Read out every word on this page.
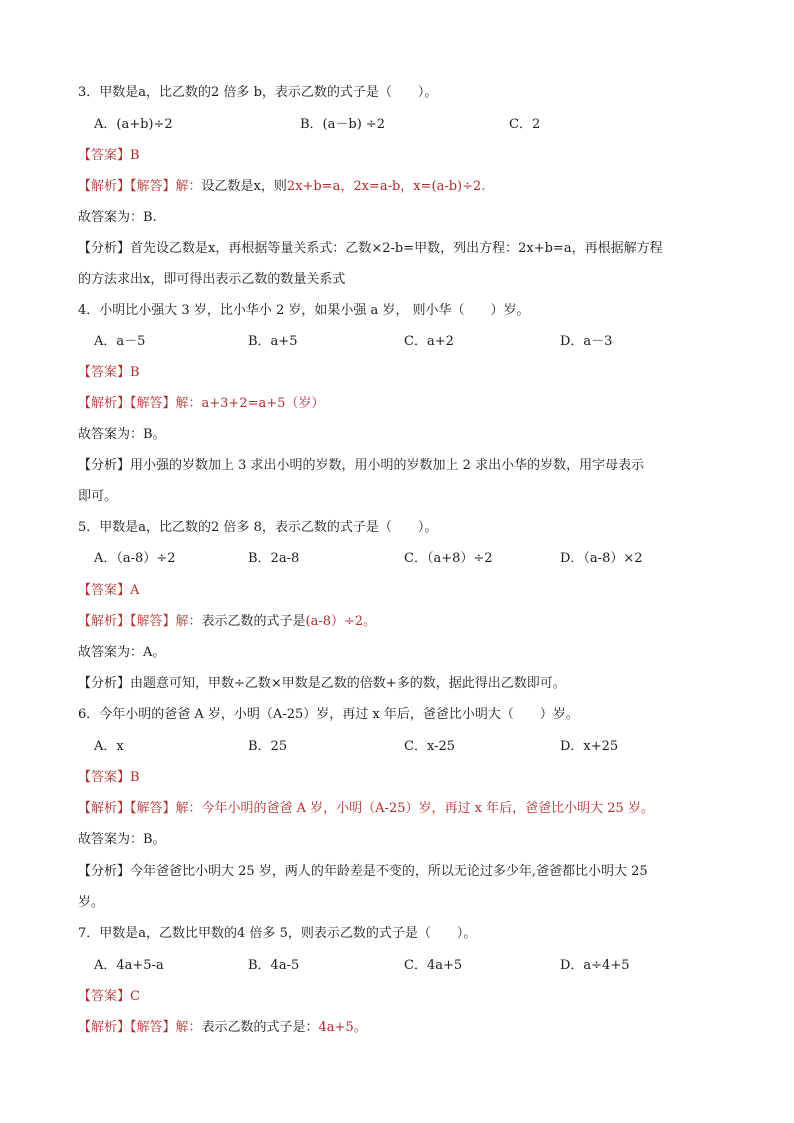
3．甲数是a，比乙数的2 倍多 b，表示乙数的式子是（　　）。
A．(a+b)÷2	B．(a－b) ÷2	C．2
【答案】B
【解析】【解答】解：设乙数是x，则2x+b=a，2x=a-b，x=(a-b)÷2.
故答案为：B.
【分析】首先设乙数是x，再根据等量关系式：乙数×2-b=甲数，列出方程：2x+b=a，再根据解方程
的方法求出x，即可得出表示乙数的数量关系式
4．小明比小强大 3 岁，比小华小 2 岁，如果小强 a 岁， 则小华（　　）岁。
A．a－5	B．a+5	C．a+2	D．a－3
【答案】B
【解析】【解答】解：a+3+2=a+5（岁）
故答案为：B。
【分析】用小强的岁数加上 3 求出小明的岁数，用小明的岁数加上 2 求出小华的岁数，用字母表示
即可。
5．甲数是a，比乙数的2 倍多 8，表示乙数的式子是（　　）。
A．（a-8）÷2	B．2a-8	C．（a+8）÷2	D．（a-8）×2
【答案】A
【解析】【解答】解：表示乙数的式子是(a-8）÷2。
故答案为：A。
【分析】由题意可知，甲数÷乙数×甲数是乙数的倍数+多的数，据此得出乙数即可。
6．今年小明的爸爸 A 岁，小明（A-25）岁，再过 x 年后，爸爸比小明大（　　）岁。
A．x	B．25	C．x-25	D．x+25
【答案】B
【解析】【解答】解：今年小明的爸爸 A 岁，小明（A-25）岁，再过 x 年后，爸爸比小明大 25 岁。
故答案为：B。
【分析】今年爸爸比小明大 25 岁，两人的年龄差是不变的，所以无论过多少年,爸爸都比小明大 25
岁。
7．甲数是a，乙数比甲数的4 倍多 5，则表示乙数的式子是（　　）。
A．4a+5-a	B．4a-5	C．4a+5	D．a÷4+5
【答案】C
【解析】【解答】解：表示乙数的式子是：4a+5。
